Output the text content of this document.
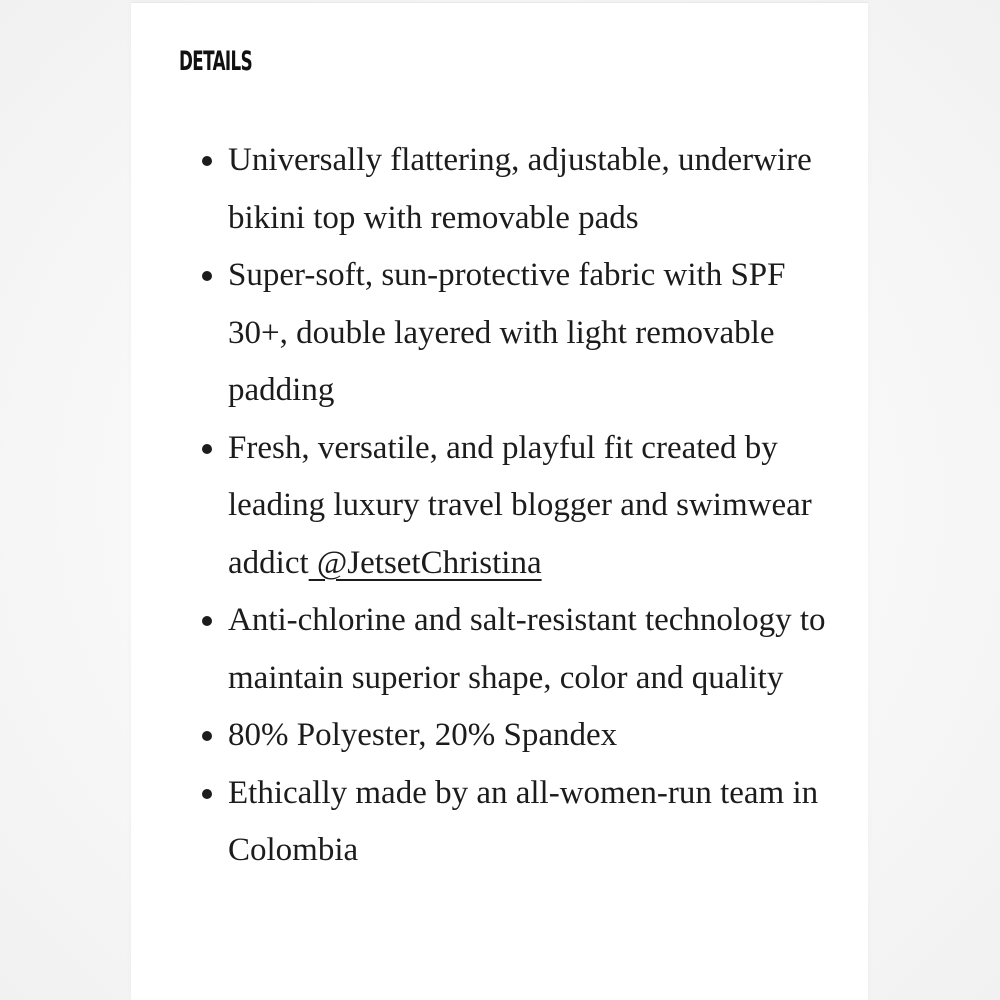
DETAILS
Universally flattering, adjustable, underwire bikini top with removable pads
Super-soft, sun-protective fabric with SPF 30+, double layered with light removable padding
Fresh, versatile, and playful fit created by leading luxury travel blogger and swimwear addict @JetsetChristina
Anti-chlorine and salt-resistant technology to maintain superior shape, color and quality
80% Polyester, 20% Spandex
Ethically made by an all-women-run team in Colombia
